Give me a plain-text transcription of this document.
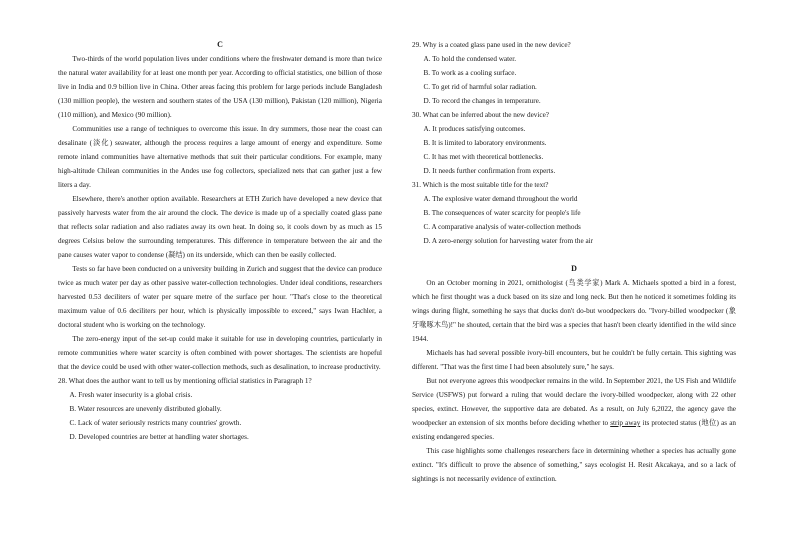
C

Two-thirds of the world population lives under conditions where the freshwater demand is more than twice the natural water availability for at least one month per year. According to official statistics, one billion of those live in India and 0.9 billion live in China. Other areas facing this problem for large periods include Bangladesh (130 million people), the western and southern states of the USA (130 million), Pakistan (120 million), Nigeria (110 million), and Mexico (90 million).

Communities use a range of techniques to overcome this issue. In dry summers, those near the coast can desalinate (淡化) seawater, although the process requires a large amount of energy and expenditure. Some remote inland communities have alternative methods that suit their particular conditions. For example, many high-altitude Chilean communities in the Andes use fog collectors, specialized nets that can gather just a few liters a day.

Elsewhere, there's another option available. Researchers at ETH Zurich have developed a new device that passively harvests water from the air around the clock. The device is made up of a specially coated glass pane that reflects solar radiation and also radiates away its own heat. In doing so, it cools down by as much as 15 degrees Celsius below the surrounding temperatures. This difference in temperature between the air and the pane causes water vapor to condense (凝结) on its underside, which can then be easily collected.

Tests so far have been conducted on a university building in Zurich and suggest that the device can produce twice as much water per day as other passive water-collection technologies. Under ideal conditions, researchers harvested 0.53 deciliters of water per square metre of the surface per hour. "That's close to the theoretical maximum value of 0.6 deciliters per hour, which is physically impossible to exceed," says Iwan Hachler, a doctoral student who is working on the technology.

The zero-energy input of the set-up could make it suitable for use in developing countries, particularly in remote communities where water scarcity is often combined with power shortages. The scientists are hopeful that the device could be used with other water-collection methods, such as desalination, to increase productivity.

28. What does the author want to tell us by mentioning official statistics in Paragraph 1?

A. Fresh water insecurity is a global crisis.

B. Water resources are unevenly distributed globally.

C. Lack of water seriously restricts many countries' growth.

D. Developed countries are better at handling water shortages.

29. Why is a coated glass pane used in the new device?

A. To hold the condensed water.

B. To work as a cooling surface.

C. To get rid of harmful solar radiation.

D. To record the changes in temperature.

30. What can be inferred about the new device?

A. It produces satisfying outcomes.

B. It is limited to laboratory environments.

C. It has met with theoretical bottlenecks.

D. It needs further confirmation from experts.

31. Which is the most suitable title for the text?

A. The explosive water demand throughout the world

B. The consequences of water scarcity for people's life

C. A comparative analysis of water-collection methods

D. A zero-energy solution for harvesting water from the air

D

On an October morning in 2021, ornithologist (鸟类学家) Mark A. Michaels spotted a bird in a forest, which he first thought was a duck based on its size and long neck. But then he noticed it sometimes folding its wings during flight, something he says that ducks don't do-but woodpeckers do. "Ivory-billed woodpecker (象牙喙啄木鸟)!" he shouted, certain that the bird was a species that hasn't been clearly identified in the wild since 1944.

Michaels has had several possible ivory-bill encounters, but he couldn't be fully certain. This sighting was different. "That was the first time I had been absolutely sure," he says.

But not everyone agrees this woodpecker remains in the wild. In September 2021, the US Fish and Wildlife Service (USFWS) put forward a ruling that would declare the ivory-billed woodpecker, along with 22 other species, extinct. However, the supportive data are debated. As a result, on July 6,2022, the agency gave the woodpecker an extension of six months before deciding whether to strip away its protected status (地位) as an existing endangered species.

This case highlights some challenges researchers face in determining whether a species has actually gone extinct. "It's difficult to prove the absence of something," says ecologist H. Resit Akcakaya, and so a lack of sightings is not necessarily evidence of extinction.
